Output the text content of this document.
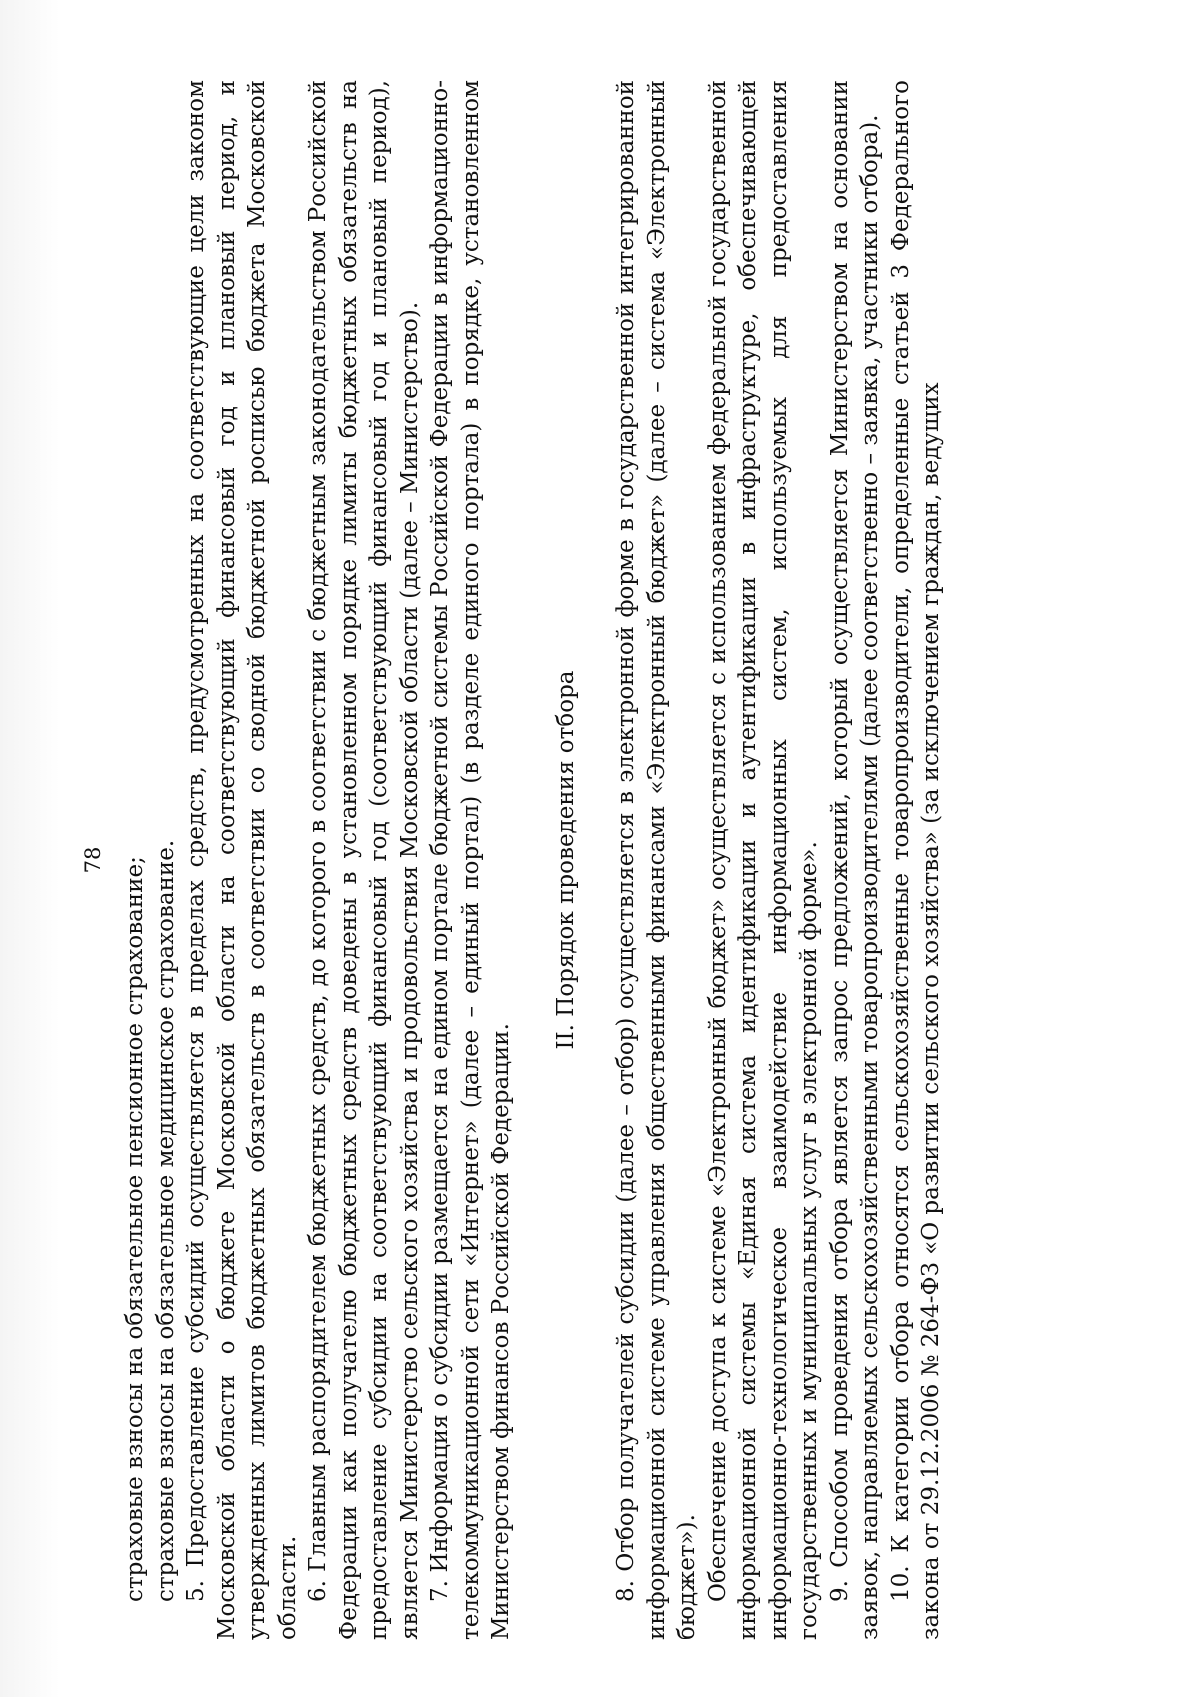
78 страховые взносы на обязательное пенсионное страхование; страховые взносы на обязательное медицинское страхование. 5. Предоставление субсидий осуществляется в пределах средств, предусмотренных на соответствующие цели законом Московской области о бюджете Московской области на соответствующий финансовый год и плановый период, и утвержденных лимитов бюджетных обязательств в соответствии со сводной бюджетной росписью бюджета Московской области. 6. Главным распорядителем бюджетных средств, до которого в соответствии с бюджетным законодательством Российской Федерации как получателю бюджетных средств доведены в установленном порядке лимиты бюджетных обязательств на предоставление субсидии на соответствующий финансовый год (соответствующий финансовый год и плановый период), является Министерство сельского хозяйства и продовольствия Московской области (далее – Министерство). 7. Информация о субсидии размещается на едином портале бюджетной системы Российской Федерации в информационно-телекоммуникационной сети «Интернет» (далее – единый портал) (в разделе единого портала) в порядке, установленном Министерством финансов Российской Федерации.

II. Порядок проведения отбора 8. Отбор получателей субсидии (далее – отбор) осуществляется в электронной форме в государственной интегрированной информационной системе управления общественными финансами «Электронный бюджет» (далее – система «Электронный бюджет»). Обеспечение доступа к системе «Электронный бюджет» осуществляется с использованием федеральной государственной информационной системы «Единая система идентификации и аутентификации в инфраструктуре, обеспечивающей информационно-технологическое взаимодействие информационных систем, используемых для предоставления государственных и муниципальных услуг в электронной форме». 9. Способом проведения отбора является запрос предложений, который осуществляется Министерством на основании заявок, направляемых сельскохозяйственными товаропроизводителями (далее соответственно – заявка, участники отбора). 10. К категории отбора относятся сельскохозяйственные товаропроизводители, определенные статьей 3 Федерального закона от 29.12.2006 № 264-ФЗ «О развитии сельского хозяйства» (за исключением граждан, ведущих
